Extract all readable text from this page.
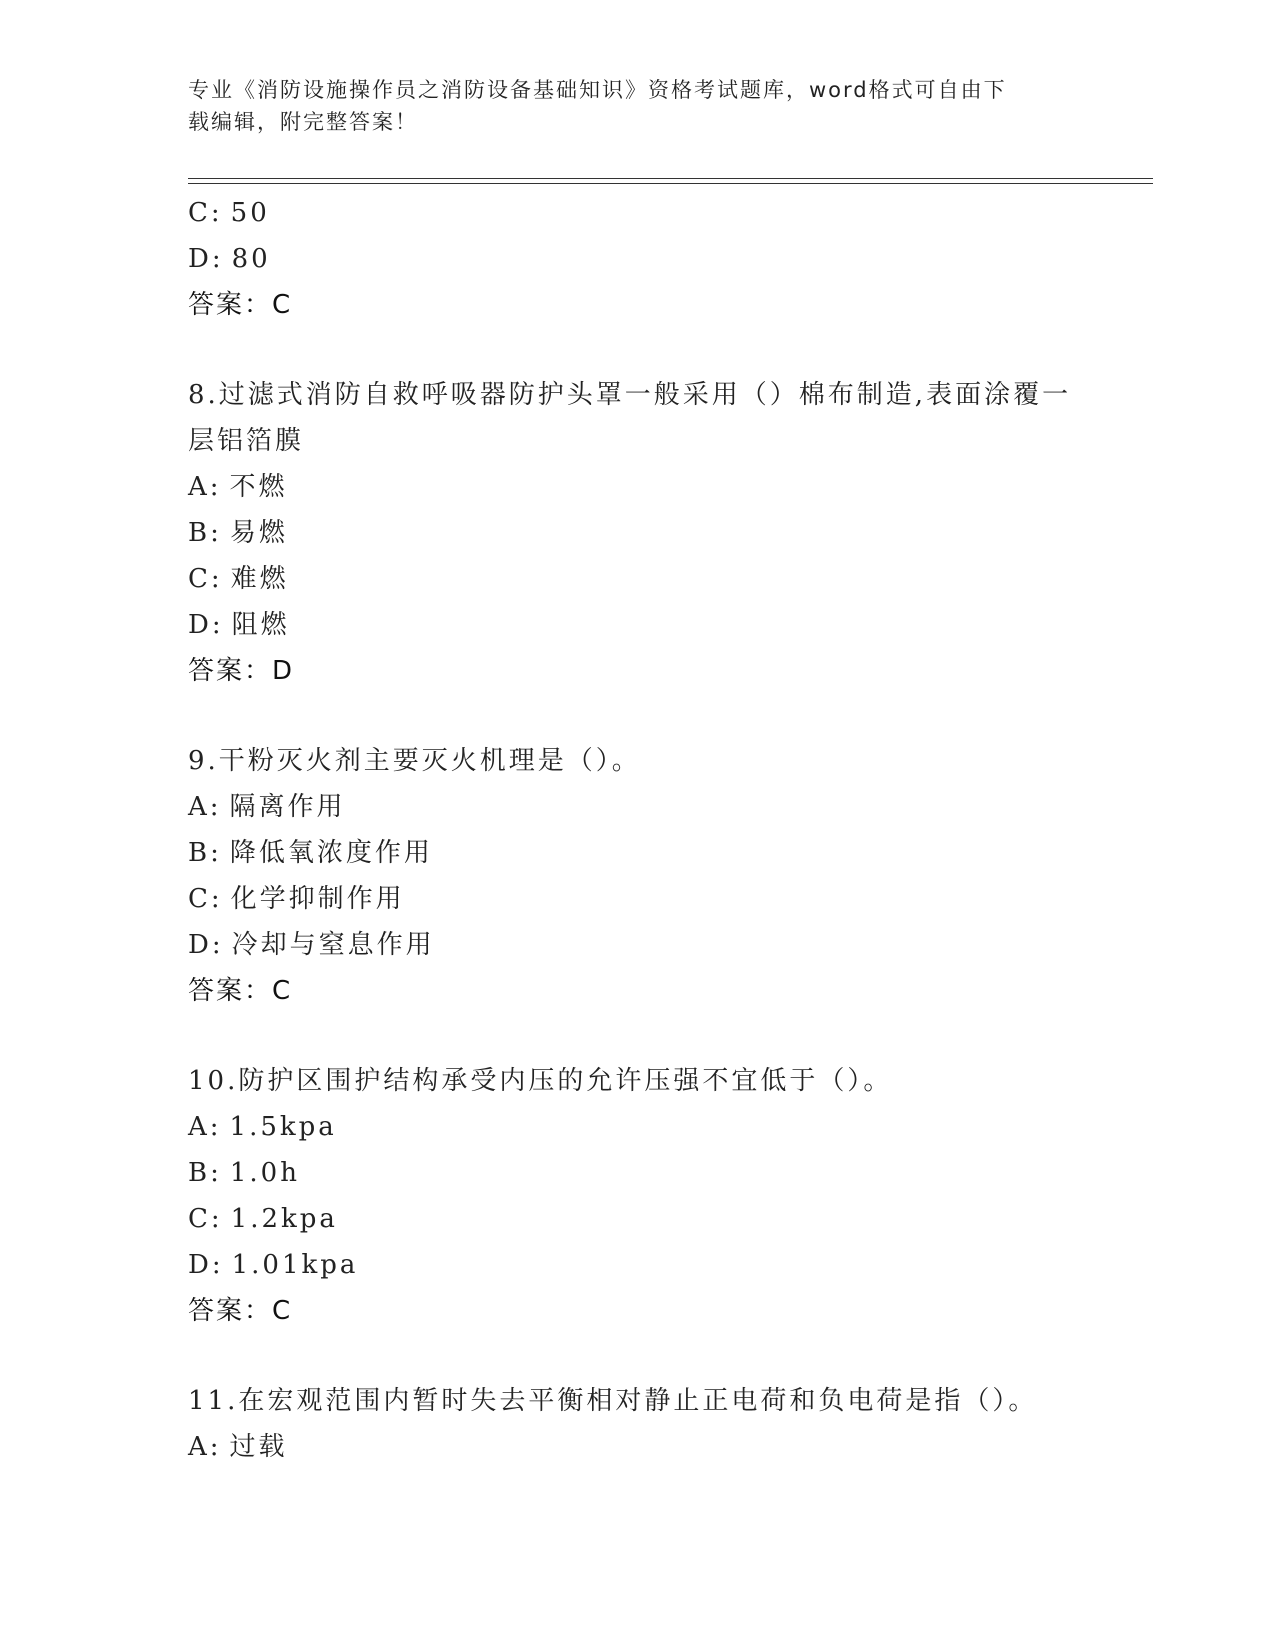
专业《消防设施操作员之消防设备基础知识》资格考试题库，word格式可自由下
载编辑，附完整答案！
C: 50
D: 80
答案：C
8.过滤式消防自救呼吸器防护头罩一般采用（）棉布制造,表面涂覆一层铝箔膜
A: 不燃
B: 易燃
C: 难燃
D: 阻燃
答案：D
9.干粉灭火剂主要灭火机理是（）。
A: 隔离作用
B: 降低氧浓度作用
C: 化学抑制作用
D: 冷却与窒息作用
答案：C
10.防护区围护结构承受内压的允许压强不宜低于（）。
A: 1.5kpa
B: 1.0h
C: 1.2kpa
D: 1.01kpa
答案：C
11.在宏观范围内暂时失去平衡相对静止正电荷和负电荷是指（）。
A: 过载
